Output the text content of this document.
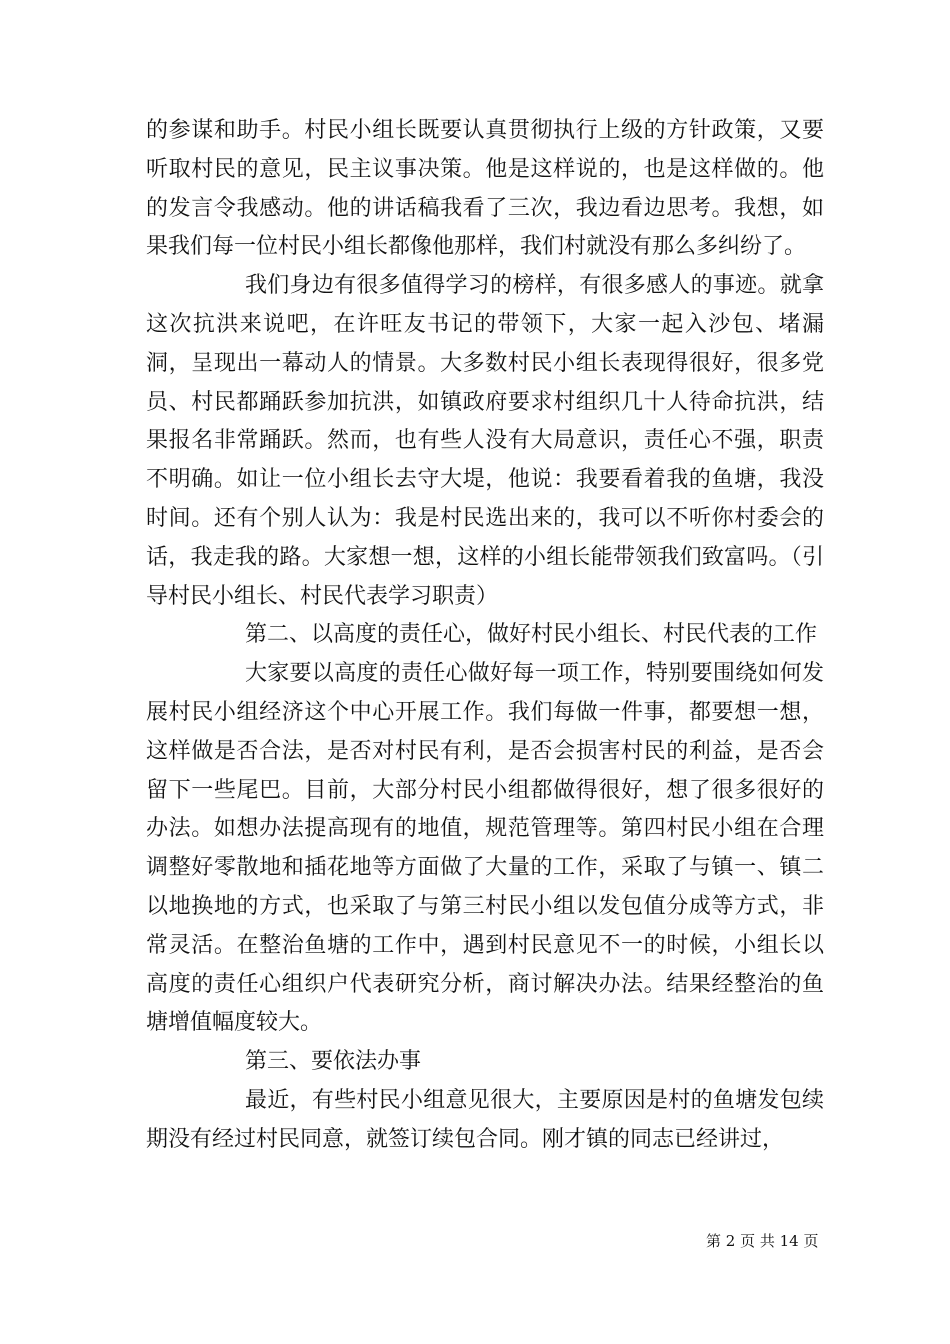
的参谋和助手。村民小组长既要认真贯彻执行上级的方针政策，又要听取村民的意见，民主议事决策。他是这样说的，也是这样做的。他的发言令我感动。他的讲话稿我看了三次，我边看边思考。我想，如果我们每一位村民小组长都像他那样，我们村就没有那么多纠纷了。

我们身边有很多值得学习的榜样，有很多感人的事迹。就拿这次抗洪来说吧，在许旺友书记的带领下，大家一起入沙包、堵漏洞，呈现出一幕动人的情景。大多数村民小组长表现得很好，很多党员、村民都踊跃参加抗洪，如镇政府要求村组织几十人待命抗洪，结果报名非常踊跃。然而，也有些人没有大局意识，责任心不强，职责不明确。如让一位小组长去守大堤，他说：我要看着我的鱼塘，我没时间。还有个别人认为：我是村民选出来的，我可以不听你村委会的话，我走我的路。大家想一想，这样的小组长能带领我们致富吗。（引导村民小组长、村民代表学习职责）

第二、以高度的责任心，做好村民小组长、村民代表的工作

大家要以高度的责任心做好每一项工作，特别要围绕如何发展村民小组经济这个中心开展工作。我们每做一件事，都要想一想，这样做是否合法，是否对村民有利，是否会损害村民的利益，是否会留下一些尾巴。目前，大部分村民小组都做得很好，想了很多很好的办法。如想办法提高现有的地值，规范管理等。第四村民小组在合理调整好零散地和插花地等方面做了大量的工作，采取了与镇一、镇二以地换地的方式，也采取了与第三村民小组以发包值分成等方式，非常灵活。在整治鱼塘的工作中，遇到村民意见不一的时候，小组长以高度的责任心组织户代表研究分析，商讨解决办法。结果经整治的鱼塘增值幅度较大。

第三、要依法办事

最近，有些村民小组意见很大，主要原因是村的鱼塘发包续期没有经过村民同意，就签订续包合同。刚才镇的同志已经讲过，

第 2 页 共 14 页
